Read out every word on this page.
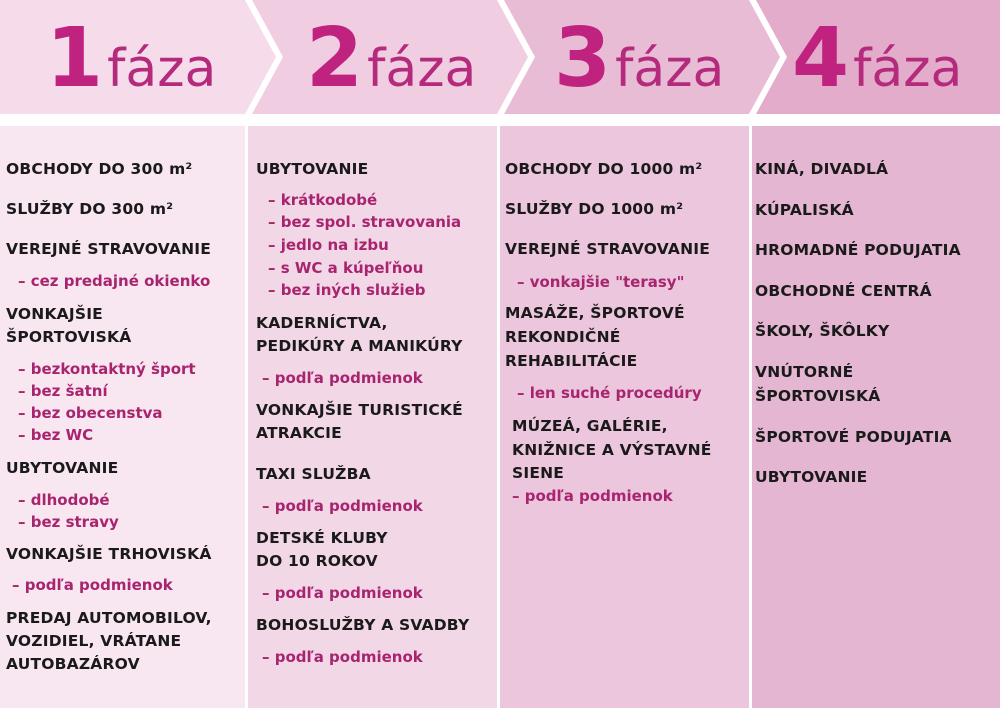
1 fáza 2 fáza 3 fáza 4 fáza
OBCHODY DO 300 m²
SLUŽBY DO 300 m²
VEREJNÉ STRAVOVANIE
– cez predajné okienko
VONKAJŠIE
ŠPORTOVISKÁ
– bezkontaktný šport
– bez šatní
– bez obecenstva
– bez WC
UBYTOVANIE
– dlhodobé
– bez stravy
VONKAJŠIE TRHOVISKÁ
– podľa podmienok
PREDAJ AUTOMOBILOV,
VOZIDIEL, VRÁTANE
AUTOBAZÁROV
UBYTOVANIE
– krátkodobé
– bez spol. stravovania
– jedlo na izbu
– s WC a kúpeľňou
– bez iných služieb
KADERNÍCTVA,
PEDIKÚRY A MANIKÚRY
– podľa podmienok
VONKAJŠIE TURISTICKÉ
ATRAKCIE
TAXI SLUŽBA
– podľa podmienok
DETSKÉ KLUBY
DO 10 ROKOV
– podľa podmienok
BOHOSLUŽBY A SVADBY
– podľa podmienok
OBCHODY DO 1000 m²
SLUŽBY DO 1000 m²
VEREJNÉ STRAVOVANIE
– vonkajšie "terasy"
MASÁŽE, ŠPORTOVÉ
REKONDIČNÉ
REHABILITÁCIE
– len suché procedúry
MÚZEÁ, GALÉRIE,
KNIŽNICE A VÝSTAVNÉ
SIENE
– podľa podmienok
KINÁ, DIVADLÁ
KÚPALISKÁ
HROMADNÉ PODUJATIA
OBCHODNÉ CENTRÁ
ŠKOLY, ŠKÔLKY
VNÚTORNÉ
ŠPORTOVISKÁ
ŠPORTOVÉ PODUJATIA
UBYTOVANIE
